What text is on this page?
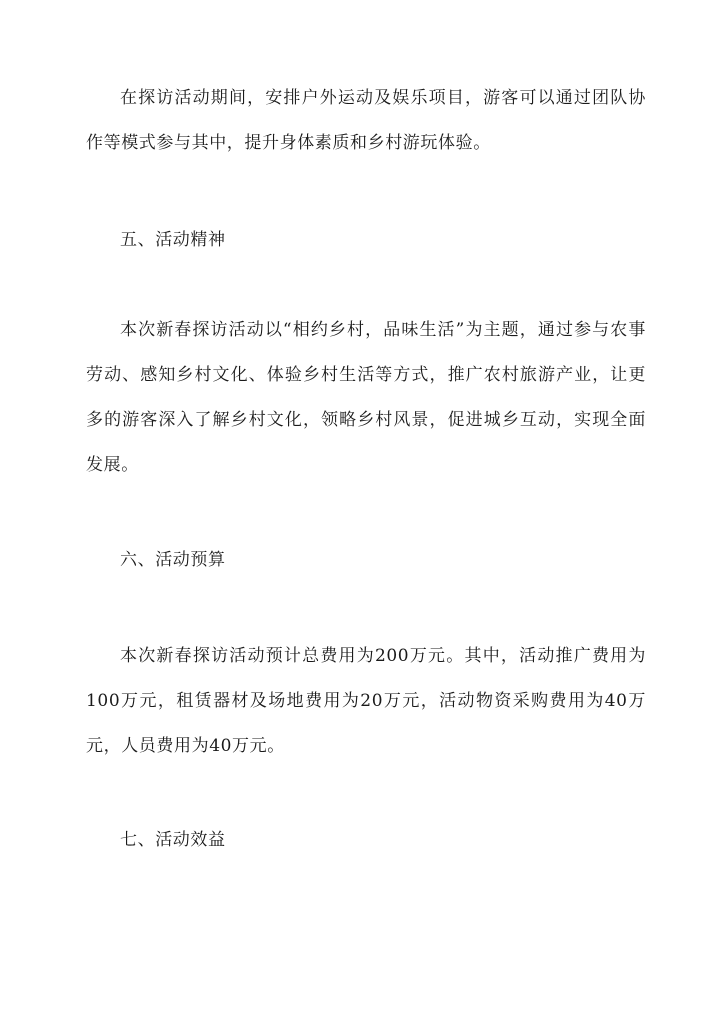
在探访活动期间，安排户外运动及娱乐项目，游客可以通过团队协作等模式参与其中，提升身体素质和乡村游玩体验。

五、活动精神

本次新春探访活动以“相约乡村，品味生活”为主题，通过参与农事劳动、感知乡村文化、体验乡村生活等方式，推广农村旅游产业，让更多的游客深入了解乡村文化，领略乡村风景，促进城乡互动，实现全面发展。

六、活动预算

本次新春探访活动预计总费用为200万元。其中，活动推广费用为100万元，租赁器材及场地费用为20万元，活动物资采购费用为40万元，人员费用为40万元。

七、活动效益
